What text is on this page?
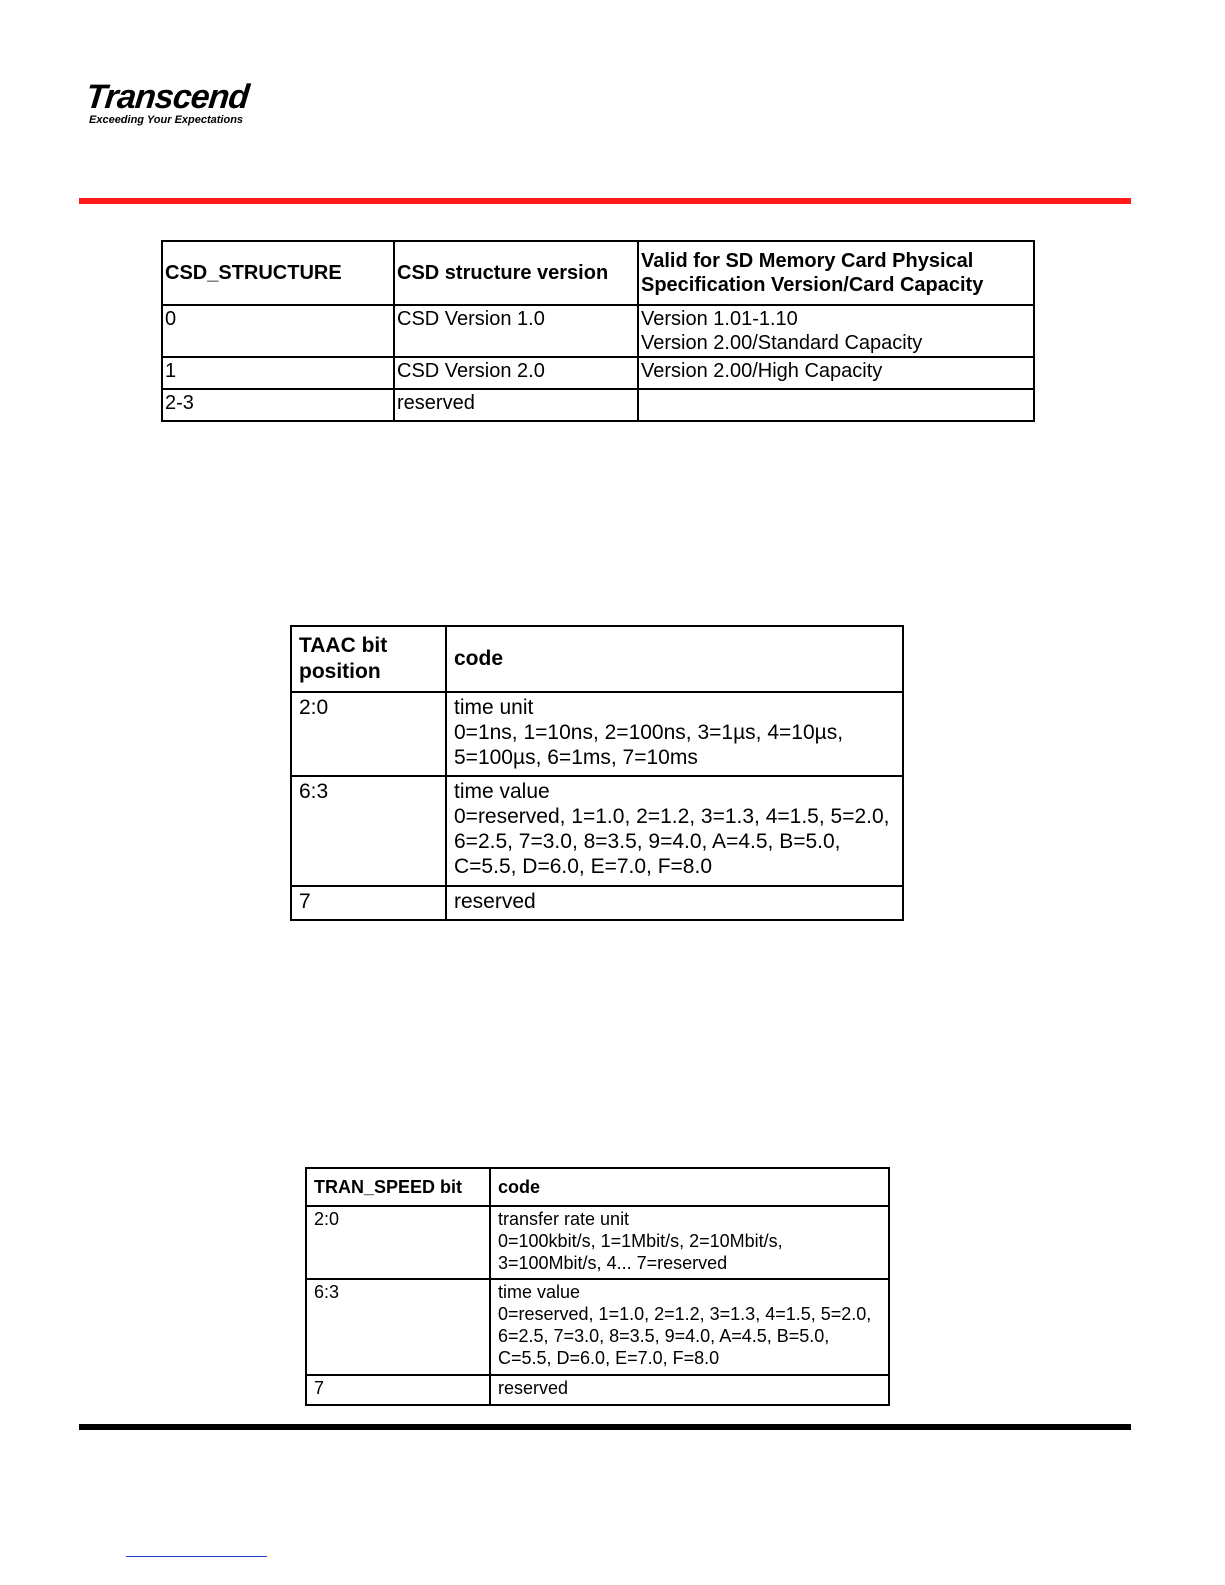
Transcend
Exceeding Your Expectations
CSD_STRUCTURE	CSD structure version	Valid for SD Memory Card Physical Specification Version/Card Capacity
0	CSD Version 1.0	Version 1.01-1.10
Version 2.00/Standard Capacity

1	CSD Version 2.0	Version 2.00/High Capacity

2-3	reserved	
TAAC bit position	code
2:0	time unit
0=1ns, 1=10ns, 2=100ns, 3=1µs, 4=10µs,
5=100µs, 6=1ms, 7=10ms

6:3	time value
0=reserved, 1=1.0, 2=1.2, 3=1.3, 4=1.5, 5=2.0,
6=2.5, 7=3.0, 8=3.5, 9=4.0, A=4.5, B=5.0,
C=5.5, D=6.0, E=7.0, F=8.0

7	reserved
TRAN_SPEED bit	code
2:0	transfer rate unit
0=100kbit/s, 1=1Mbit/s, 2=10Mbit/s,
3=100Mbit/s, 4... 7=reserved

6:3	time value
0=reserved, 1=1.0, 2=1.2, 3=1.3, 4=1.5, 5=2.0,
6=2.5, 7=3.0, 8=3.5, 9=4.0, A=4.5, B=5.0,
C=5.5, D=6.0, E=7.0, F=8.0

7	reserved
